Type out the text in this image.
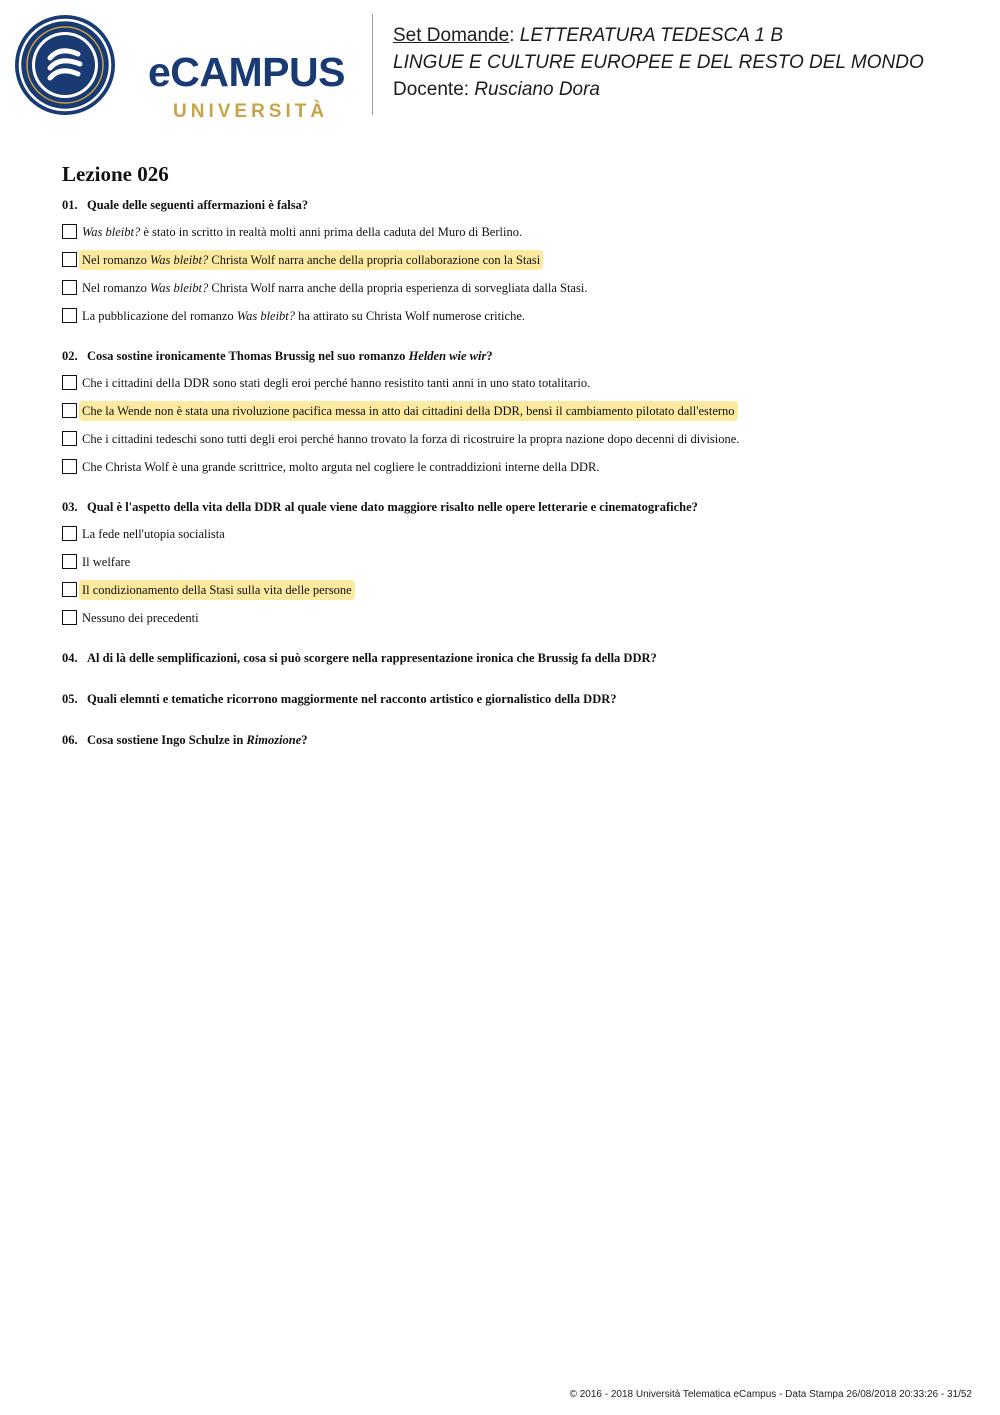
eCAMPUS
UNIVERSITÀ
Set Domande: LETTERATURA TEDESCA 1 B
LINGUE E CULTURE EUROPEE E DEL RESTO DEL MONDO
Docente: Rusciano Dora
Lezione 026

01. Quale delle seguenti affermazioni è falsa?

Was bleibt? è stato in scritto in realtà molti anni prima della caduta del Muro di Berlino.
Nel romanzo Was bleibt? Christa Wolf narra anche della propria collaborazione con la Stasi
Nel romanzo Was bleibt? Christa Wolf narra anche della propria esperienza di sorvegliata dalla Stasi.
La pubblicazione del romanzo Was bleibt? ha attirato su Christa Wolf numerose critiche.

02. Cosa sostine ironicamente Thomas Brussig nel suo romanzo Helden wie wir?

Che i cittadini della DDR sono stati degli eroi perché hanno resistito tanti anni in uno stato totalitario.
Che la Wende non è stata una rivoluzione pacifica messa in atto dai cittadini della DDR, bensì il cambiamento pilotato dall'esterno
Che i cittadini tedeschi sono tutti degli eroi perché hanno trovato la forza di ricostruire la propra nazione dopo decenni di divisione.
Che Christa Wolf è una grande scrittrice, molto arguta nel cogliere le contraddizioni interne della DDR.

03. Qual è l'aspetto della vita della DDR al quale viene dato maggiore risalto nelle opere letterarie e cinematografiche?

La fede nell'utopia socialista
Il welfare
Il condizionamento della Stasi sulla vita delle persone
Nessuno dei precedenti

04. Al di là delle semplificazioni, cosa si può scorgere nella rappresentazione ironica che Brussig fa della DDR?

05. Quali elemnti e tematiche ricorrono maggiormente nel racconto artistico e giornalistico della DDR?

06. Cosa sostiene Ingo Schulze in Rimozione?

© 2016 - 2018 Università Telematica eCampus - Data Stampa 26/08/2018 20:33:26 - 31/52
